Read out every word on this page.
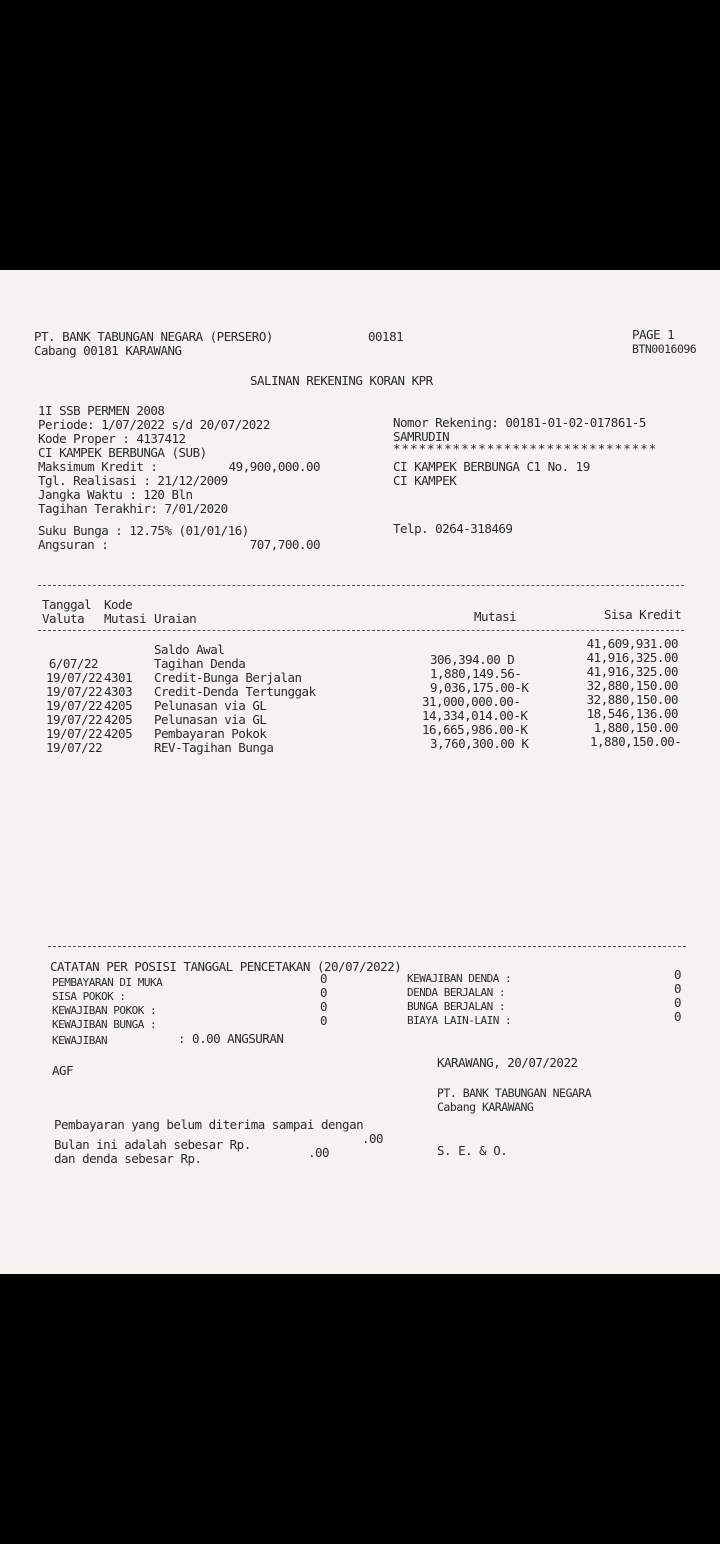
PT. BANK TABUNGAN NEGARA (PERSERO)	00181	PAGE 1
BTN0016096
Cabang 00181 KARAWANG
SALINAN REKENING KORAN KPR
1I SSB PERMEN 2008
Periode: 1/07/2022 s/d 20/07/2022
Kode Proper : 4137412
CI KAMPEK BERBUNGA (SUB)
Maksimum Kredit :	49,900,000.00
Tgl. Realisasi : 21/12/2009
Jangka Waktu : 120 Bln
Tagihan Terakhir: 7/01/2020
Suku Bunga : 12.75% (01/01/16)
Angsuran :	707,700.00
Nomor Rekening: 00181-01-02-017861-5
SAMRUDIN
*******************************
CI KAMPEK BERBUNGA C1 No. 19
CI KAMPEK
Telp. 0264-318469
Tanggal Kode
Valuta Mutasi Uraian	Mutasi	Sisa Kredit
Saldo Awal	41,609,931.00
6/07/22	Tagihan Denda	306,394.00 D	41,916,325.00
19/07/22 4301 Credit-Bunga Berjalan	1,880,149.56-	41,916,325.00
19/07/22 4303 Credit-Denda Tertunggak	9,036,175.00-K	32,880,150.00
19/07/22 4205 Pelunasan via GL	31,000,000.00-	32,880,150.00
19/07/22 4205 Pelunasan via GL	14,334,014.00-K	18,546,136.00
19/07/22 4205 Pembayaran Pokok	16,665,986.00-K	1,880,150.00
19/07/22	REV-Tagihan Bunga	3,760,300.00 K	1,880,150.00-
CATATAN PER POSISI TANGGAL PENCETAKAN (20/07/2022)
PEMBAYARAN DI MUKA	0
SISA POKOK :	0
KEWAJIBAN POKOK :	0
KEWAJIBAN BUNGA :	0
KEWAJIBAN	: 0.00 ANGSURAN
KEWAJIBAN DENDA :	0
DENDA BERJALAN :	0
BUNGA BERJALAN :	0
BIAYA LAIN-LAIN :	0
AGF
KARAWANG, 20/07/2022
PT. BANK TABUNGAN NEGARA
Cabang KARAWANG
Pembayaran yang belum diterima sampai dengan
.00
Bulan ini adalah sebesar Rp.
dan denda sebesar Rp.	.00	S. E. & O.
